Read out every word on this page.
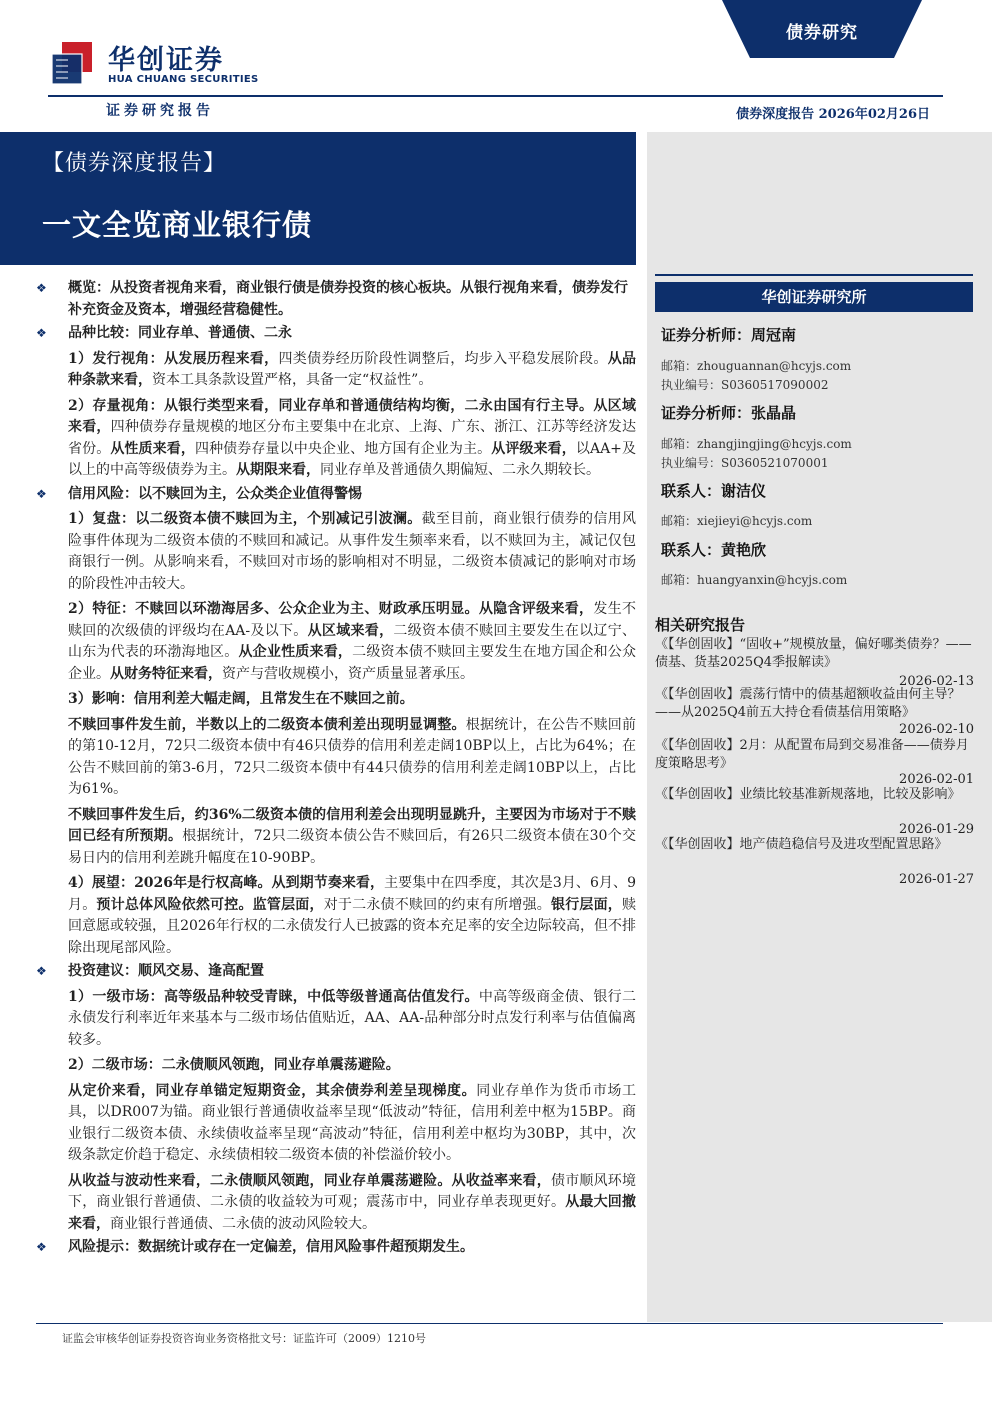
华创证券
HUA CHUANG SECURITIES
证券研究报告	债券深度报告 2026年02月26日
债券研究
【债券深度报告】
一文全览商业银行债
华创证券研究所
证券分析师：周冠南
邮箱：zhouguannan@hcyjs.com
执业编号：S0360517090002
证券分析师：张晶晶
邮箱：zhangjingjing@hcyjs.com
执业编号：S0360521070001
联系人：谢洁仪
邮箱：xiejieyi@hcyjs.com
联系人：黄艳欣
邮箱：huangyanxin@hcyjs.com
相关研究报告
《【华创固收】“固收+”规模放量，偏好哪类债券？——债基、货基2025Q4季报解读》
2026-02-13
《【华创固收】震荡行情中的债基超额收益由何主导？——从2025Q4前五大持仓看债基信用策略》
2026-02-10
《【华创固收】2月：从配置布局到交易准备——债券月度策略思考》
2026-02-01
《【华创固收】业绩比较基准新规落地，比较及影响》
2026-01-29
《【华创固收】地产债趋稳信号及进攻型配置思路》
2026-01-27
❖	概览：从投资者视角来看，商业银行债是债券投资的核心板块。从银行视角来看，债券发行补充资金及资本，增强经营稳健性。
❖	品种比较：同业存单、普通债、二永
1）发行视角：从发展历程来看，四类债券经历阶段性调整后，均步入平稳发展阶段。从品种条款来看，资本工具条款设置严格，具备一定“权益性”。
2）存量视角：从银行类型来看，同业存单和普通债结构均衡，二永由国有行主导。从区域来看，四种债券存量规模的地区分布主要集中在北京、上海、广东、浙江、江苏等经济发达省份。从性质来看，四种债券存量以中央企业、地方国有企业为主。从评级来看，以AA+及以上的中高等级债券为主。从期限来看，同业存单及普通债久期偏短、二永久期较长。
❖	信用风险：以不赎回为主，公众类企业值得警惕
1）复盘：以二级资本债不赎回为主，个别减记引波澜。截至目前，商业银行债券的信用风险事件体现为二级资本债的不赎回和减记。从事件发生频率来看，以不赎回为主，减记仅包商银行一例。从影响来看，不赎回对市场的影响相对不明显，二级资本债减记的影响对市场的阶段性冲击较大。
2）特征：不赎回以环渤海居多、公众企业为主、财政承压明显。从隐含评级来看，发生不赎回的次级债的评级均在AA-及以下。从区域来看，二级资本债不赎回主要发生在以辽宁、山东为代表的环渤海地区。从企业性质来看，二级资本债不赎回主要发生在地方国企和公众企业。从财务特征来看，资产与营收规模小，资产质量显著承压。
3）影响：信用利差大幅走阔，且常发生在不赎回之前。
不赎回事件发生前，半数以上的二级资本债利差出现明显调整。根据统计，在公告不赎回前的第10-12月，72只二级资本债中有46只债券的信用利差走阔10BP以上，占比为64%；在公告不赎回前的第3-6月，72只二级资本债中有44只债券的信用利差走阔10BP以上，占比为61%。
不赎回事件发生后，约36%二级资本债的信用利差会出现明显跳升，主要因为市场对于不赎回已经有所预期。根据统计，72只二级资本债公告不赎回后，有26只二级资本债在30个交易日内的信用利差跳升幅度在10-90BP。
4）展望：2026年是行权高峰。从到期节奏来看，主要集中在四季度，其次是3月、6月、9月。预计总体风险依然可控。监管层面，对于二永债不赎回的约束有所增强。银行层面，赎回意愿或较强，且2026年行权的二永债发行人已披露的资本充足率的安全边际较高，但不排除出现尾部风险。
❖	投资建议：顺风交易、逢高配置
1）一级市场：高等级品种较受青睐，中低等级普通高估值发行。中高等级商金债、银行二永债发行利率近年来基本与二级市场估值贴近，AA、AA-品种部分时点发行利率与估值偏离较多。
2）二级市场：二永债顺风领跑，同业存单震荡避险。
从定价来看，同业存单锚定短期资金，其余债券利差呈现梯度。同业存单作为货币市场工具，以DR007为锚。商业银行普通债收益率呈现“低波动”特征，信用利差中枢为15BP。商业银行二级资本债、永续债收益率呈现“高波动”特征，信用利差中枢均为30BP，其中，次级条款定价趋于稳定、永续债相较二级资本债的补偿溢价较小。
从收益与波动性来看，二永债顺风领跑，同业存单震荡避险。从收益率来看，债市顺风环境下，商业银行普通债、二永债的收益较为可观；震荡市中，同业存单表现更好。从最大回撤来看，商业银行普通债、二永债的波动风险较大。
❖	风险提示：数据统计或存在一定偏差，信用风险事件超预期发生。
证监会审核华创证券投资咨询业务资格批文号：证监许可（2009）1210号
